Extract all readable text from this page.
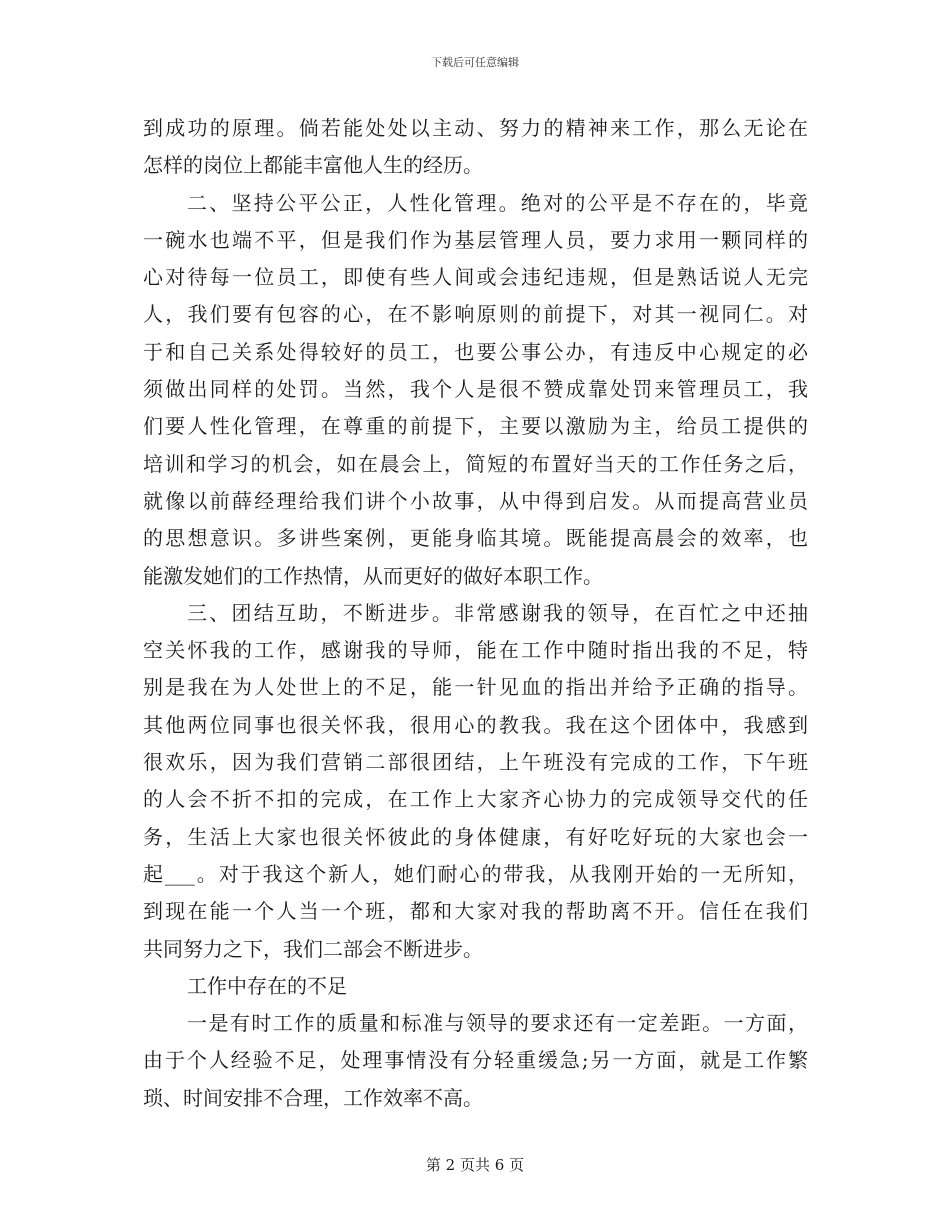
下载后可任意编辑
到成功的原理。倘若能处处以主动、努力的精神来工作，那么无论在
怎样的岗位上都能丰富他人生的经历。
二、坚持公平公正，人性化管理。绝对的公平是不存在的，毕竟
一碗水也端不平，但是我们作为基层管理人员，要力求用一颗同样的
心对待每一位员工，即使有些人间或会违纪违规，但是熟话说人无完
人，我们要有包容的心，在不影响原则的前提下，对其一视同仁。对
于和自己关系处得较好的员工，也要公事公办，有违反中心规定的必
须做出同样的处罚。当然，我个人是很不赞成靠处罚来管理员工，我
们要人性化管理，在尊重的前提下，主要以激励为主，给员工提供的
培训和学习的机会，如在晨会上，简短的布置好当天的工作任务之后，
就像以前薛经理给我们讲个小故事，从中得到启发。从而提高营业员
的思想意识。多讲些案例，更能身临其境。既能提高晨会的效率，也
能激发她们的工作热情，从而更好的做好本职工作。
三、团结互助，不断进步。非常感谢我的领导，在百忙之中还抽
空关怀我的工作，感谢我的导师，能在工作中随时指出我的不足，特
别是我在为人处世上的不足，能一针见血的指出并给予正确的指导。
其他两位同事也很关怀我，很用心的教我。我在这个团体中，我感到
很欢乐，因为我们营销二部很团结，上午班没有完成的工作，下午班
的人会不折不扣的完成，在工作上大家齐心协力的完成领导交代的任
务，生活上大家也很关怀彼此的身体健康，有好吃好玩的大家也会一
起___。对于我这个新人，她们耐心的带我，从我刚开始的一无所知，
到现在能一个人当一个班，都和大家对我的帮助离不开。信任在我们
共同努力之下，我们二部会不断进步。
工作中存在的不足
一是有时工作的质量和标准与领导的要求还有一定差距。一方面，
由于个人经验不足，处理事情没有分轻重缓急;另一方面，就是工作繁
琐、时间安排不合理，工作效率不高。
第 2 页共 6 页
